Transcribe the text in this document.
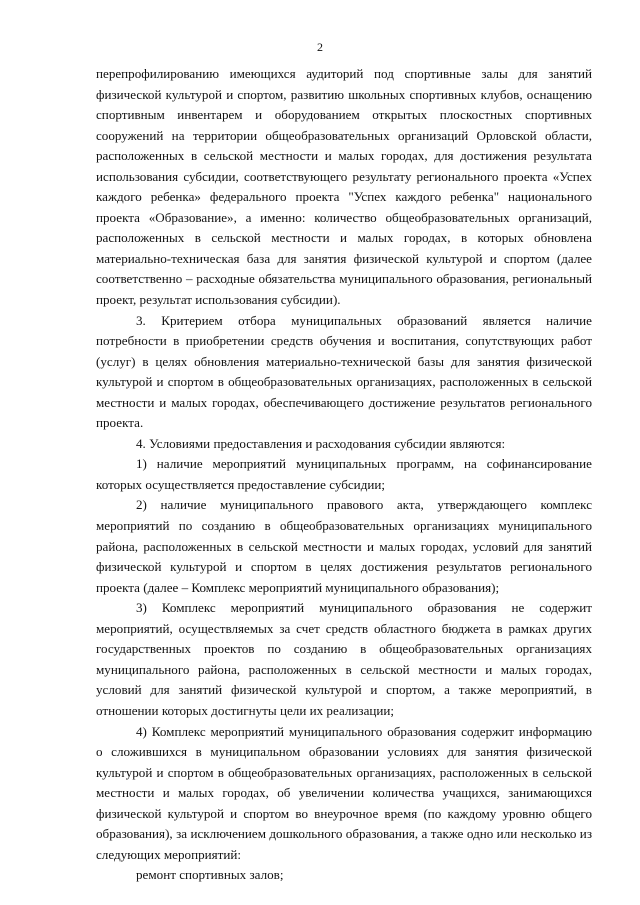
2

перепрофилированию имеющихся аудиторий под спортивные залы для занятий физической культурой и спортом, развитию школьных спортивных клубов, оснащению спортивным инвентарем и оборудованием открытых плоскостных спортивных сооружений на территории общеобразовательных организаций Орловской области, расположенных в сельской местности и малых городах, для достижения результата использования субсидии, соответствующего результату регионального проекта «Успех каждого ребенка» федерального проекта "Успех каждого ребенка" национального проекта «Образование», а именно: количество общеобразовательных организаций, расположенных в сельской местности и малых городах, в которых обновлена материально-техническая база для занятия физической культурой и спортом (далее соответственно – расходные обязательства муниципального образования, региональный проект, результат использования субсидии).

3. Критерием отбора муниципальных образований является наличие потребности в приобретении средств обучения и воспитания, сопутствующих работ (услуг) в целях обновления материально-технической базы для занятия физической культурой и спортом в общеобразовательных организациях, расположенных в сельской местности и малых городах, обеспечивающего достижение результатов регионального проекта.

4. Условиями предоставления и расходования субсидии являются:

1) наличие мероприятий муниципальных программ, на софинансирование которых осуществляется предоставление субсидии;

2) наличие муниципального правового акта, утверждающего комплекс мероприятий по созданию в общеобразовательных организациях муниципального района, расположенных в сельской местности и малых городах, условий для занятий физической культурой и спортом в целях достижения результатов регионального проекта (далее – Комплекс мероприятий муниципального образования);

3) Комплекс мероприятий муниципального образования не содержит мероприятий, осуществляемых за счет средств областного бюджета в рамках других государственных проектов по созданию в общеобразовательных организациях муниципального района, расположенных в сельской местности и малых городах, условий для занятий физической культурой и спортом, а также мероприятий, в отношении которых достигнуты цели их реализации;

4) Комплекс мероприятий муниципального образования содержит информацию о сложившихся в муниципальном образовании условиях для занятия физической культурой и спортом в общеобразовательных организациях, расположенных в сельской местности и малых городах, об увеличении количества учащихся, занимающихся физической культурой и спортом во внеурочное время (по каждому уровню общего образования), за исключением дошкольного образования, а также одно или несколько из следующих мероприятий:

ремонт спортивных залов;
